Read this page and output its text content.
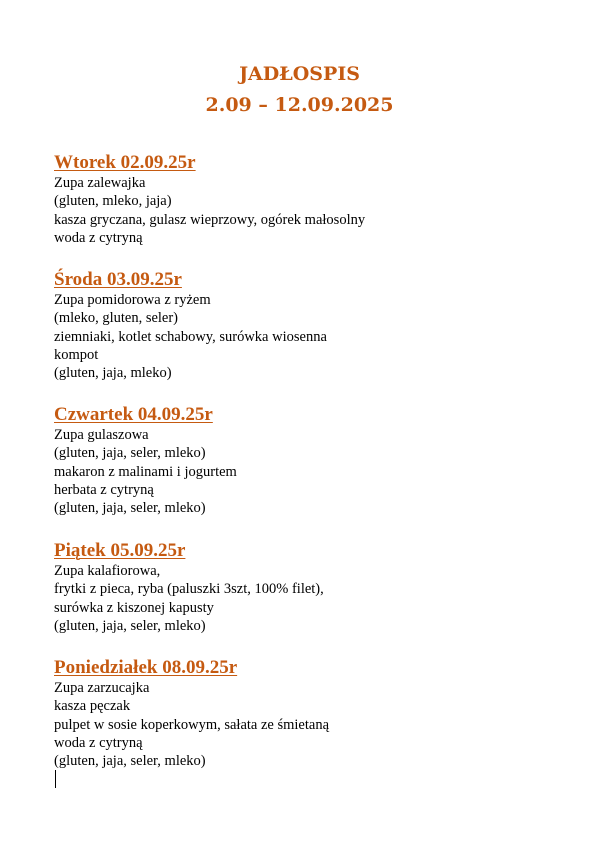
JADŁOSPIS
2.09 – 12.09.2025
Wtorek 02.09.25r
Zupa zalewajka
(gluten, mleko, jaja)
kasza gryczana, gulasz wieprzowy, ogórek małosolny
woda z cytryną
Środa 03.09.25r
Zupa pomidorowa z ryżem
(mleko, gluten, seler)
ziemniaki, kotlet schabowy, surówka wiosenna
kompot
(gluten, jaja, mleko)
Czwartek 04.09.25r
Zupa gulaszowa
(gluten, jaja, seler, mleko)
makaron z malinami i jogurtem
herbata z cytryną
(gluten, jaja, seler, mleko)
Piątek 05.09.25r
Zupa kalafiorowa,
frytki z pieca, ryba (paluszki 3szt, 100% filet),
surówka z kiszonej kapusty
(gluten, jaja, seler, mleko)
Poniedziałek 08.09.25r
Zupa zarzucajka
kasza pęczak
pulpet w sosie koperkowym, sałata ze śmietaną
woda z cytryną
(gluten, jaja, seler, mleko)
